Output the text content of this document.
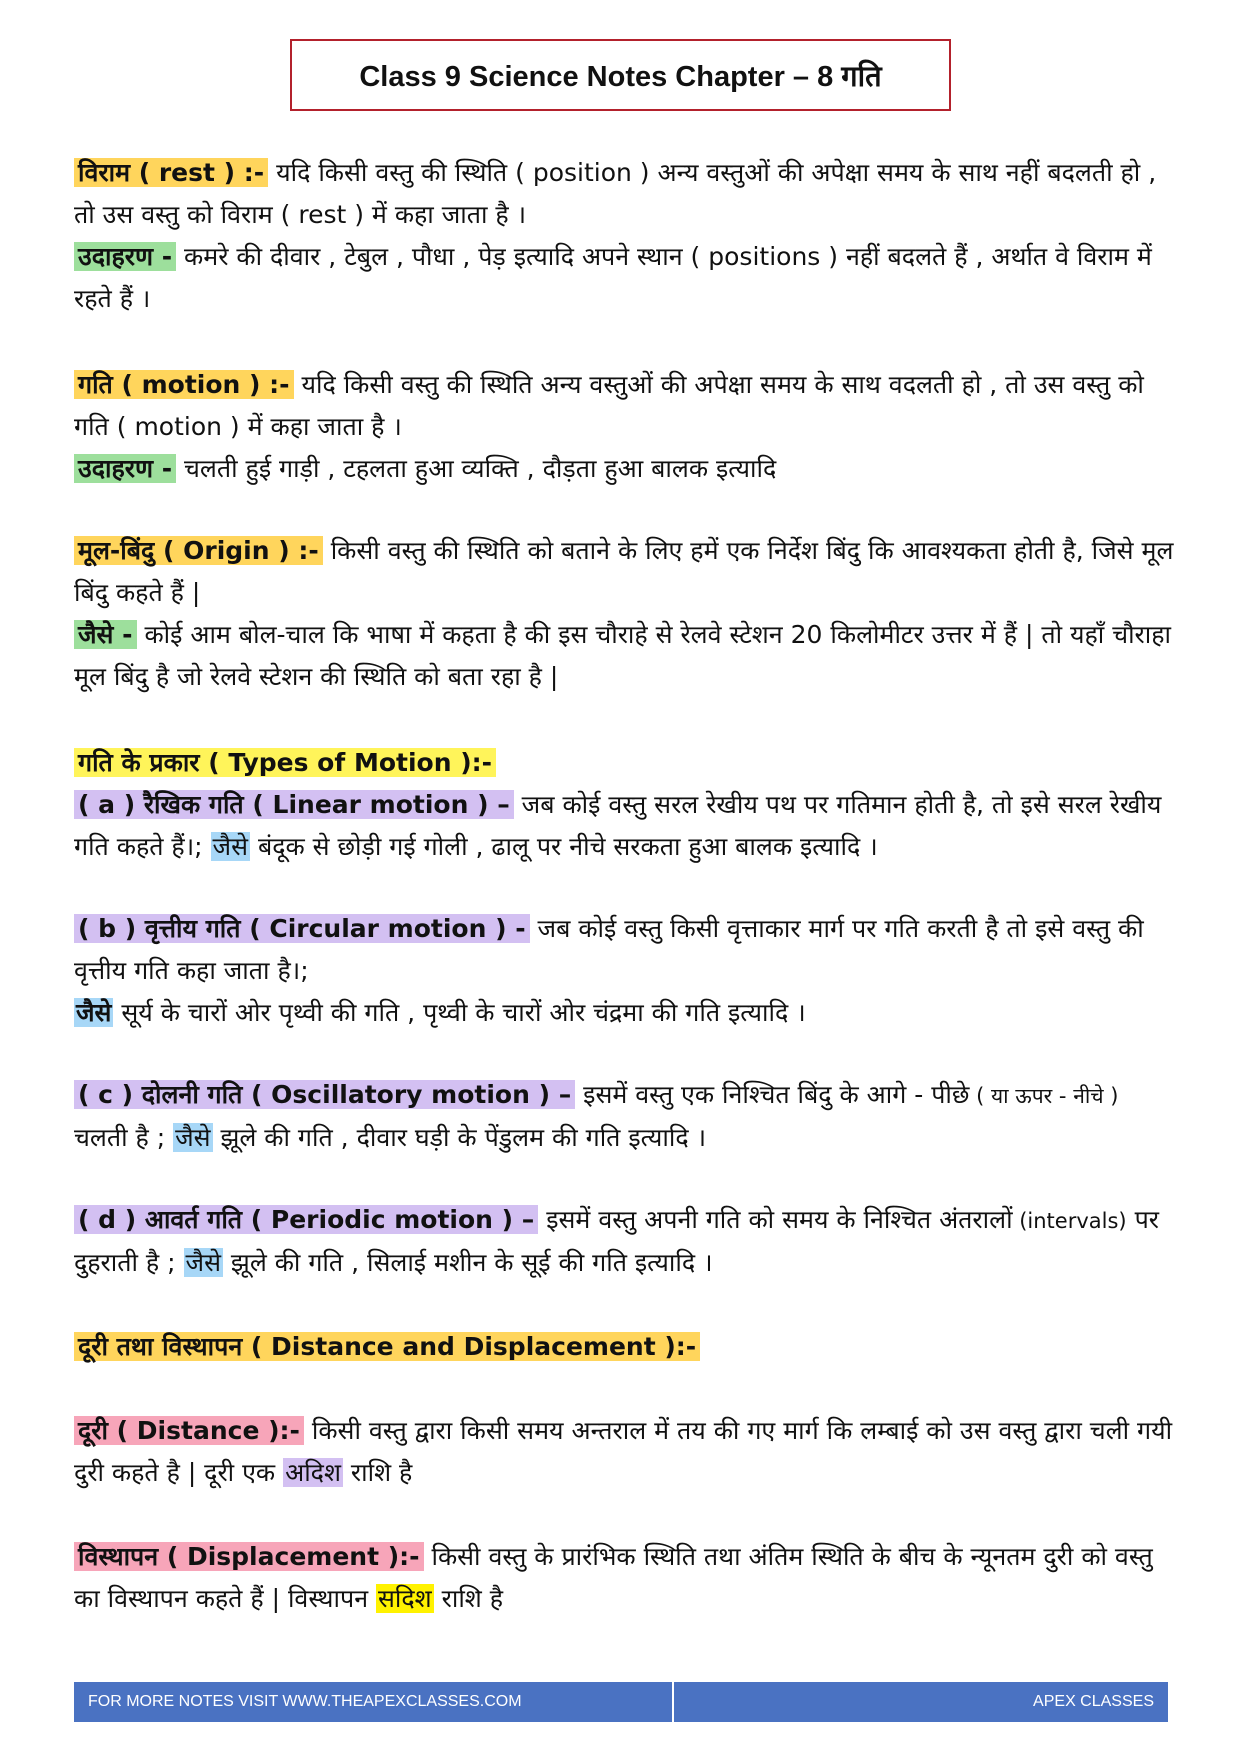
Class 9 Science Notes Chapter – 8 गति

विराम ( rest ) :- यदि किसी वस्तु की स्थिति ( position ) अन्य वस्तुओं की अपेक्षा समय के साथ नहीं बदलती हो , तो उस वस्तु को विराम ( rest ) में कहा जाता है ।

उदाहरण - कमरे की दीवार , टेबुल , पौधा , पेड़ इत्यादि अपने स्थान ( positions ) नहीं बदलते हैं , अर्थात वे विराम में रहते हैं ।

गति ( motion ) :- यदि किसी वस्तु की स्थिति अन्य वस्तुओं की अपेक्षा समय के साथ वदलती हो , तो उस वस्तु को गति ( motion ) में कहा जाता है ।

उदाहरण - चलती हुई गाड़ी , टहलता हुआ व्यक्ति , दौड़ता हुआ बालक इत्यादि

मूल-बिंदु ( Origin ) :- किसी वस्तु की स्थिति को बताने के लिए हमें एक निर्देश बिंदु कि आवश्यकता होती है, जिसे मूल बिंदु कहते हैं |

जैसे - कोई आम बोल-चाल कि भाषा में कहता है की इस चौराहे से रेलवे स्टेशन 20 किलोमीटर उत्तर में हैं | तो यहाँ चौराहा मूल बिंदु है जो रेलवे स्टेशन की स्थिति को बता रहा है |

गति के प्रकार ( Types of Motion ):-

( a ) रैखिक गति ( Linear motion ) – जब कोई वस्तु सरल रेखीय पथ पर गतिमान होती है, तो इसे सरल रेखीय गति कहते हैं।; जैसे बंदूक से छोड़ी गई गोली , ढालू पर नीचे सरकता हुआ बालक इत्यादि ।

( b ) वृत्तीय गति ( Circular motion ) - जब कोई वस्तु किसी वृत्ताकार मार्ग पर गति करती है तो इसे वस्तु की वृत्तीय गति कहा जाता है।;

जैसे सूर्य के चारों ओर पृथ्वी की गति , पृथ्वी के चारों ओर चंद्रमा की गति इत्यादि ।

( c ) दोलनी गति ( Oscillatory motion ) – इसमें वस्तु एक निश्चित बिंदु के आगे - पीछे ( या ऊपर - नीचे ) चलती है ; जैसे झूले की गति , दीवार घड़ी के पेंडुलम की गति इत्यादि ।

( d ) आवर्त गति ( Periodic motion ) – इसमें वस्तु अपनी गति को समय के निश्चित अंतरालों (intervals) पर दुहराती है ; जैसे झूले की गति , सिलाई मशीन के सूई की गति इत्यादि ।

दूरी तथा विस्थापन ( Distance and Displacement ):-

दूरी ( Distance ):- किसी वस्तु द्वारा किसी समय अन्तराल में तय की गए मार्ग कि लम्बाई को उस वस्तु द्वारा चली गयी दुरी कहते है | दूरी एक अदिश राशि है

विस्थापन ( Displacement ):- किसी वस्तु के प्रारंभिक स्थिति तथा अंतिम स्थिति के बीच के न्यूनतम दुरी को वस्तु का विस्थापन कहते हैं | विस्थापन सदिश राशि है

FOR MORE NOTES VISIT WWW.THEAPEXCLASSES.COM	APEX CLASSES
